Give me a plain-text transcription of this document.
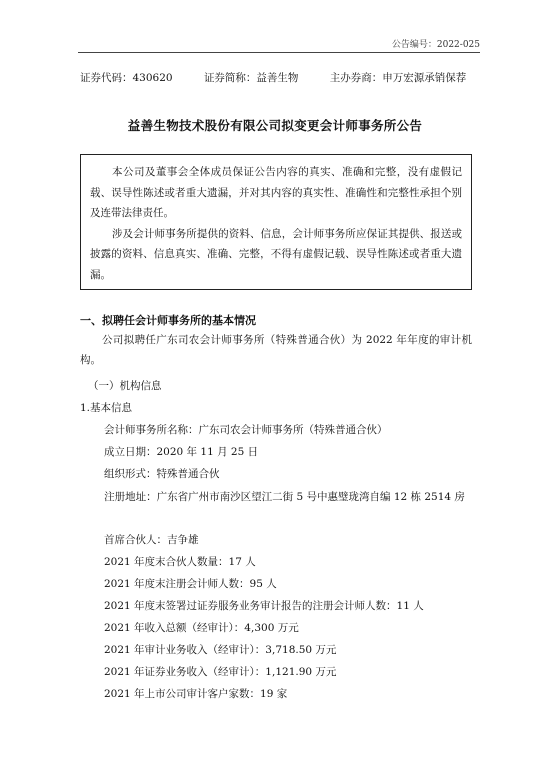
公告编号：2022-025
证券代码：430620	证券简称：益善生物	主办券商：申万宏源承销保荐
益善生物技术股份有限公司拟变更会计师事务所公告

本公司及董事会全体成员保证公告内容的真实、准确和完整，没有虚假记载、误导性陈述或者重大遗漏，并对其内容的真实性、准确性和完整性承担个别及连带法律责任。

涉及会计师事务所提供的资料、信息，会计师事务所应保证其提供、报送或披露的资料、信息真实、准确、完整，不得有虚假记载、误导性陈述或者重大遗漏。

一、拟聘任会计师事务所的基本情况
公司拟聘任广东司农会计师事务所（特殊普通合伙）为 2022 年年度的审计机构。
（一）机构信息
1.基本信息
会计师事务所名称：广东司农会计师事务所（特殊普通合伙）
成立日期：2020 年 11 月 25 日
组织形式：特殊普通合伙
注册地址：广东省广州市南沙区望江二街 5 号中惠璧珑湾自编 12 栋 2514 房
首席合伙人：吉争雄
2021 年度末合伙人数量：17 人
2021 年度末注册会计师人数：95 人
2021 年度末签署过证券服务业务审计报告的注册会计师人数：11 人
2021 年收入总额（经审计）：4,300 万元
2021 年审计业务收入（经审计）：3,718.50 万元
2021 年证券业务收入（经审计）：1,121.90 万元
2021 年上市公司审计客户家数：19 家
